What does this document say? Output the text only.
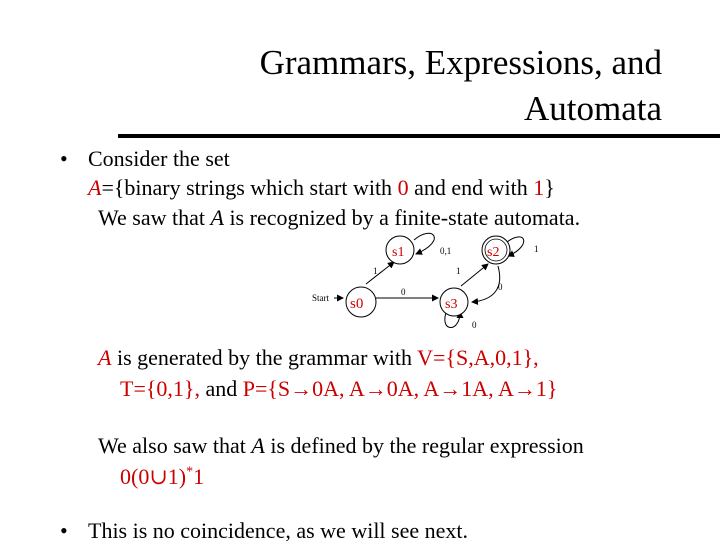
Grammars, Expressions, and
Automata
• Consider the set
A={binary strings which start with 0 and end with 1}
We saw that A is recognized by a finite-state automata.
Start
0
1
0,1
1
0
1
0
s0
s1	s2
s3
A is generated by the grammar with V={S,A,0,1},
T={0,1}, and P={S→0A, A→0A, A→1A, A→1}
We also saw that A is defined by the regular expression
0(0∪1)*1
• This is no coincidence, as we will see next.
